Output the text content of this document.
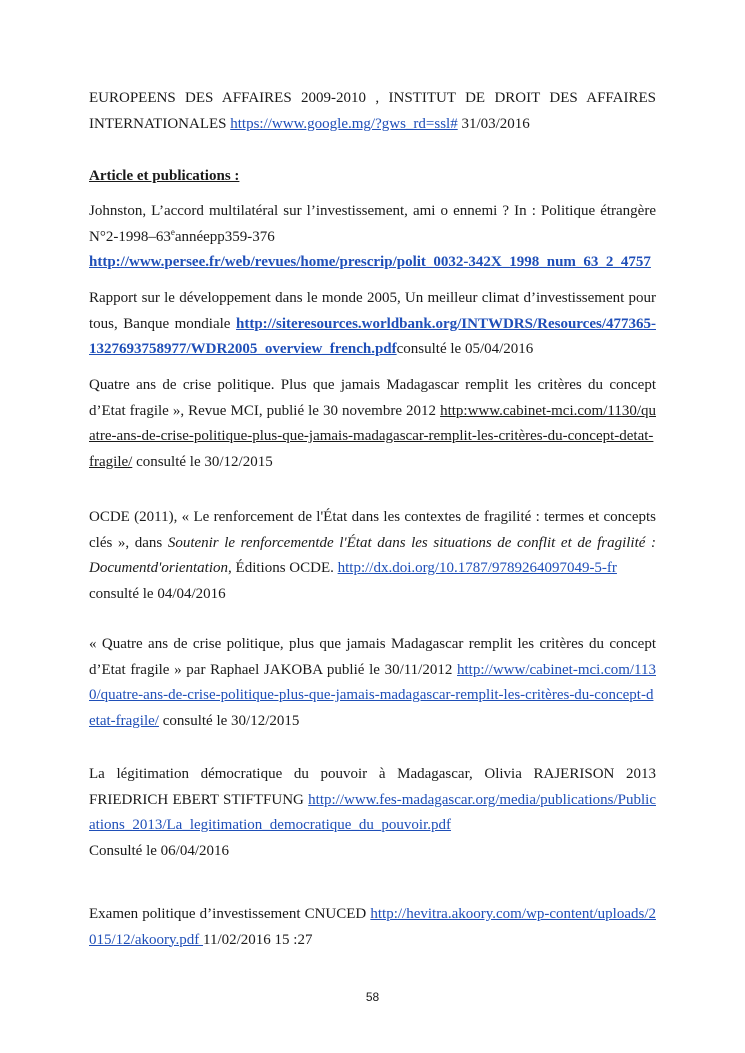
EUROPEENS DES AFFAIRES 2009-2010 , INSTITUT DE DROIT DES AFFAIRES
INTERNATIONALES https://www.google.mg/?gws_rd=ssl# 31/03/2016
Article et publications :
Johnston, L’accord multilatéral sur l’investissement, ami o ennemi ? In : Politique étrangère N°2-1998–63eannéepp359-376
http://www.persee.fr/web/revues/home/prescrip/polit_0032-342X_1998_num_63_2_4757
Rapport sur le développement dans le monde 2005, Un meilleur climat d’investissement pour tous, Banque mondiale http://siteresources.worldbank.org/INTWDRS/Resources/477365-1327693758977/WDR2005_overview_french.pdfconsulté le 05/04/2016
Quatre ans de crise politique. Plus que jamais Madagascar remplit les critères du concept d’Etat fragile », Revue MCI, publié le 30 novembre 2012 http:www.cabinet-mci.com/1130/quatre-ans-de-crise-politique-plus-que-jamais-madagascar-remplit-les-critères-du-concept-detat-fragile/ consulté le 30/12/2015
OCDE (2011), « Le renforcement de l'État dans les contextes de fragilité : termes et concepts clés », dans Soutenir le renforcementde l'État dans les situations de conflit et de fragilité : Documentd'orientation, Éditions OCDE. http://dx.doi.org/10.1787/9789264097049-5-fr
consulté le 04/04/2016
« Quatre ans de crise politique, plus que jamais Madagascar remplit les critères du concept d’Etat fragile » par Raphael JAKOBA publié le 30/11/2012 http://www/cabinet-mci.com/1130/quatre-ans-de-crise-politique-plus-que-jamais-madagascar-remplit-les-critères-du-concept-detat-fragile/ consulté le 30/12/2015
La légitimation démocratique du pouvoir à Madagascar, Olivia RAJERISON 2013 FRIEDRICH EBERT STIFTFUNG http://www.fes-madagascar.org/media/publications/Publications_2013/La_legitimation_democratique_du_pouvoir.pdf
Consulté le 06/04/2016
Examen politique d’investissement CNUCED http://hevitra.akoory.com/wp-content/uploads/2015/12/akoory.pdf 11/02/2016 15 :27
58
